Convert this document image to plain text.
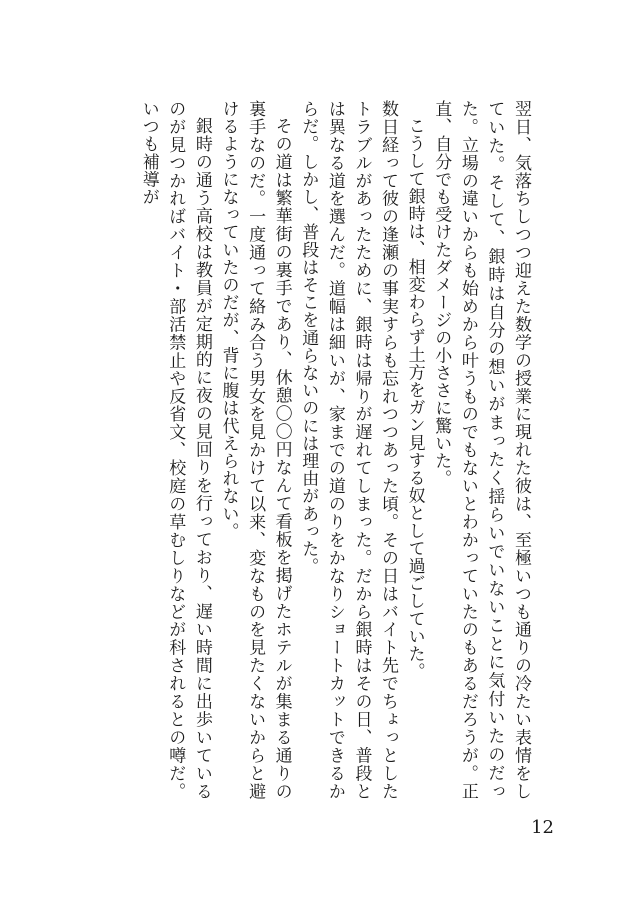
翌日、気落ちしつつ迎えた数学の授業に現れた彼は、至極いつも通りの冷たい表情をしていた。そして、銀時は自分の想いがまったく揺らいでいないことに気付いたのだった。立場の違いからも始めから叶うものでもないとわかっていたのもあるだろうが。正直、自分でも受けたダメージの小ささに驚いた。

こうして銀時は、相変わらず土方をガン見する奴として過ごしていた。

数日経って彼の逢瀬の事実すらも忘れつつあった頃。その日はバイト先でちょっとしたトラブルがあったために、銀時は帰りが遅れてしまった。だから銀時はその日、普段とは異なる道を選んだ。道幅は細いが、家までの道のりをかなりショートカットできるからだ。しかし、普段はそこを通らないのには理由があった。

その道は繁華街の裏手であり、休憩〇〇円なんて看板を掲げたホテルが集まる通りの裏手なのだ。一度通って絡み合う男女を見かけて以来、変なものを見たくないからと避けるようになっていたのだが、背に腹は代えられない。

銀時の通う高校は教員が定期的に夜の見回りを行っており、遅い時間に出歩いているのが見つかればバイト・部活禁止や反省文、校庭の草むしりなどが科されるとの噂だ。いつも補導が

12
